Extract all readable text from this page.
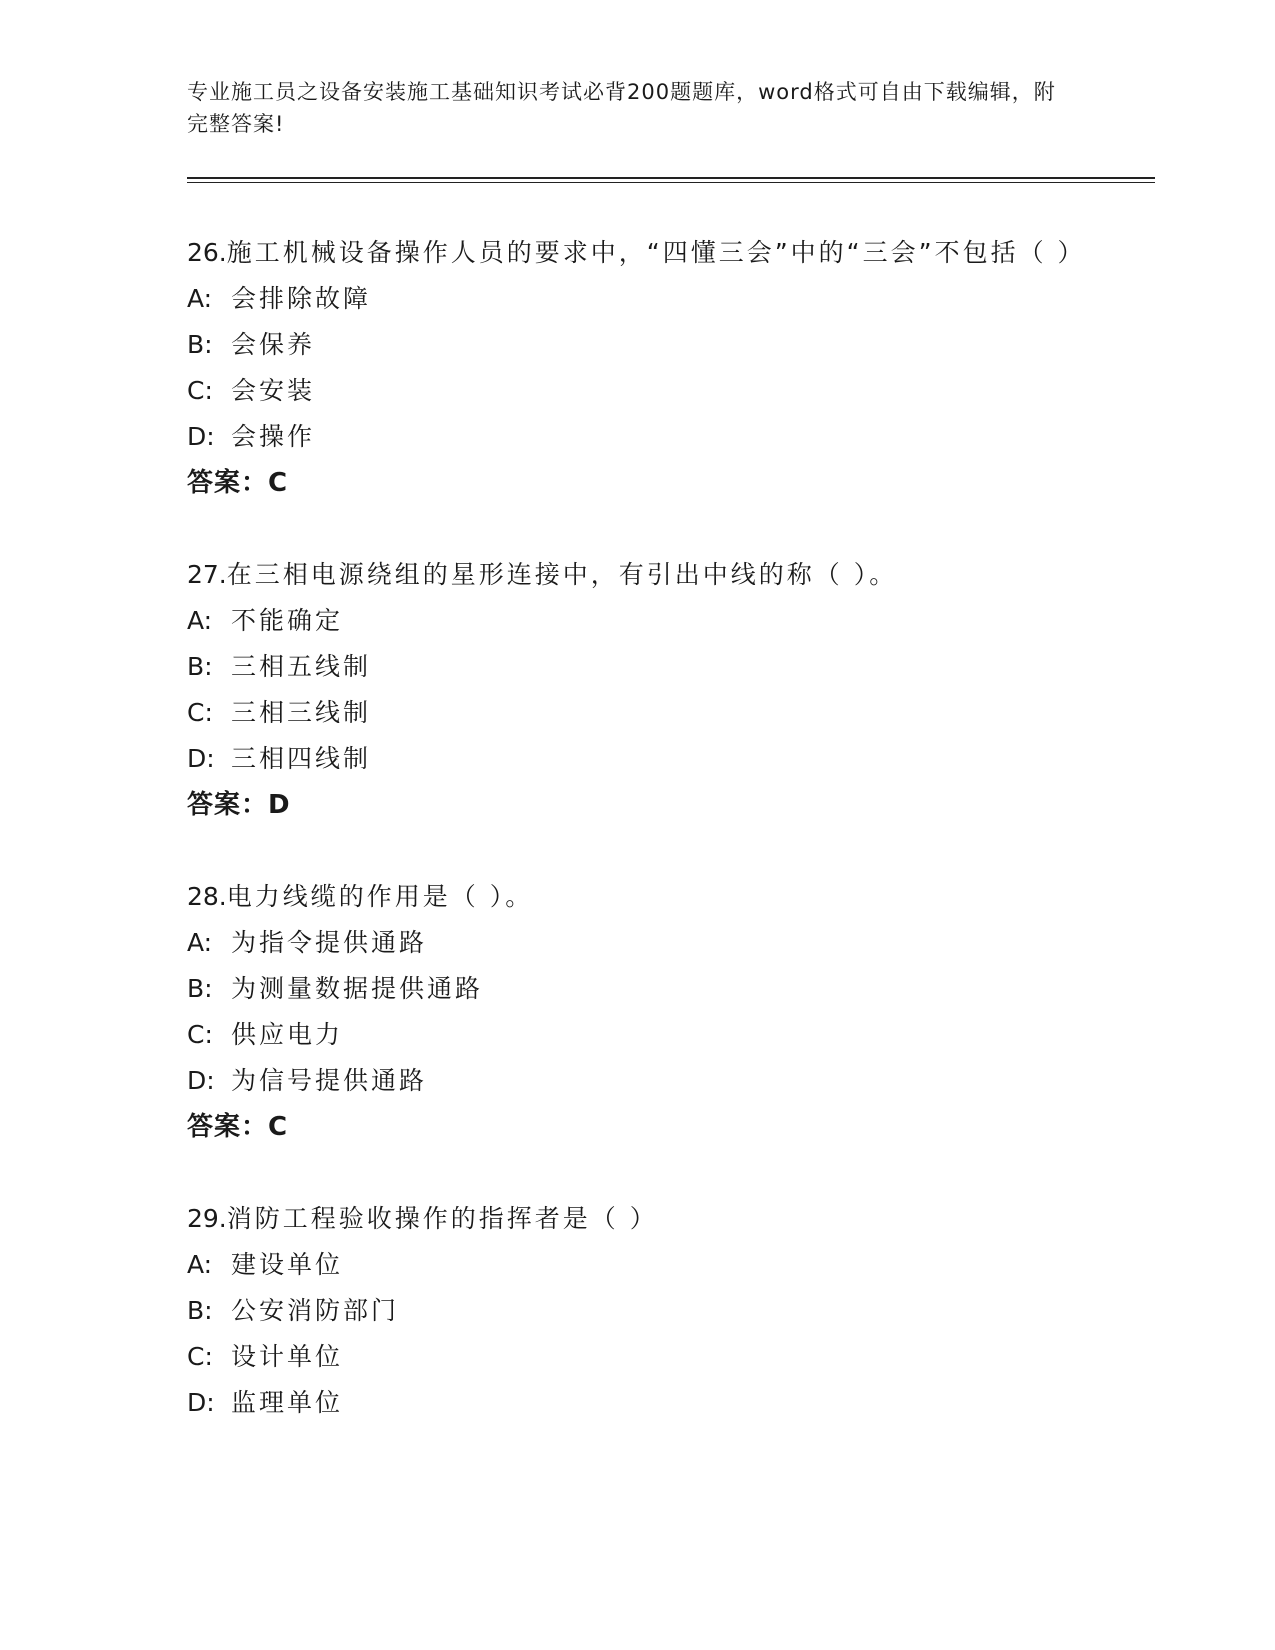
专业施工员之设备安装施工基础知识考试必背200题题库，word格式可自由下载编辑，附完整答案!
26.施工机械设备操作人员的要求中，“四懂三会”中的“三会”不包括（ ）
A: 会排除故障
B: 会保养
C: 会安装
D: 会操作
答案：C
27.在三相电源绕组的星形连接中，有引出中线的称（ ）。
A: 不能确定
B: 三相五线制
C: 三相三线制
D: 三相四线制
答案：D
28.电力线缆的作用是（ ）。
A: 为指令提供通路
B: 为测量数据提供通路
C: 供应电力
D: 为信号提供通路
答案：C
29.消防工程验收操作的指挥者是（ ）
A: 建设单位
B: 公安消防部门
C: 设计单位
D: 监理单位
